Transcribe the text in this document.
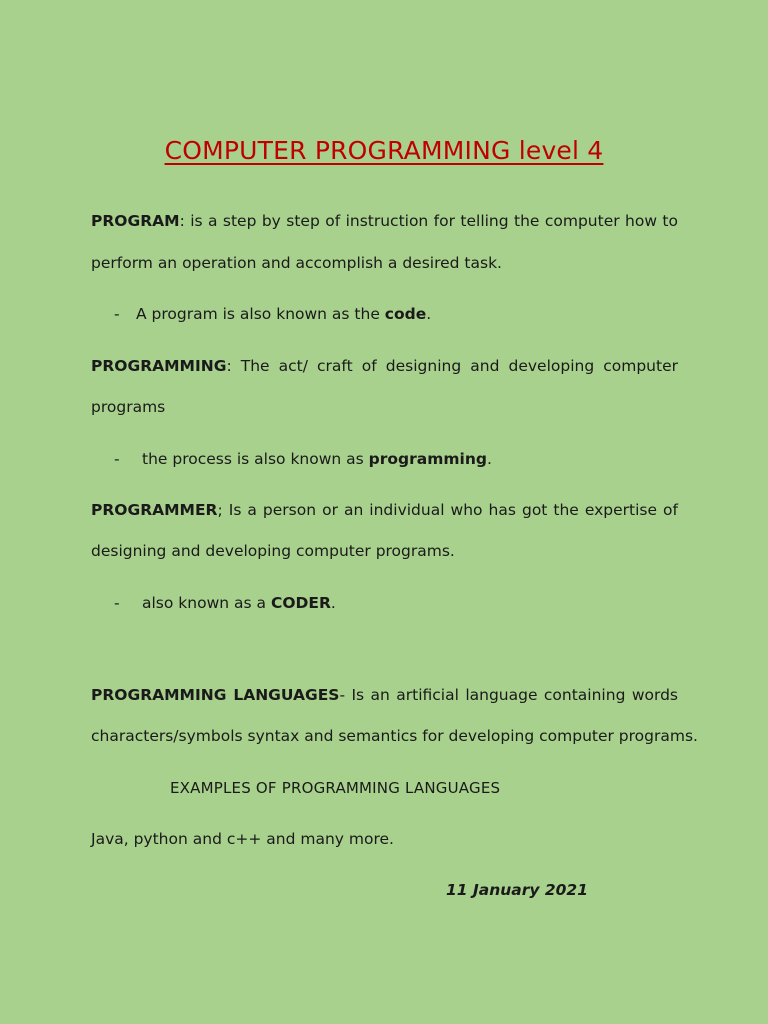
COMPUTER PROGRAMMING level 4
PROGRAM: is a step by step of instruction for telling the computer how to
perform an operation and accomplish a desired task.
- A program is also known as the code.
PROGRAMMING: The act/ craft of designing and developing computer
programs
- the process is also known as programming.
PROGRAMMER; Is a person or an individual who has got the expertise of
designing and developing computer programs.
- also known as a CODER.
PROGRAMMING LANGUAGES- Is an artificial language containing words
characters/symbols syntax and semantics for developing computer programs.
EXAMPLES OF PROGRAMMING LANGUAGES
Java, python and c++ and many more.
11 January 2021
